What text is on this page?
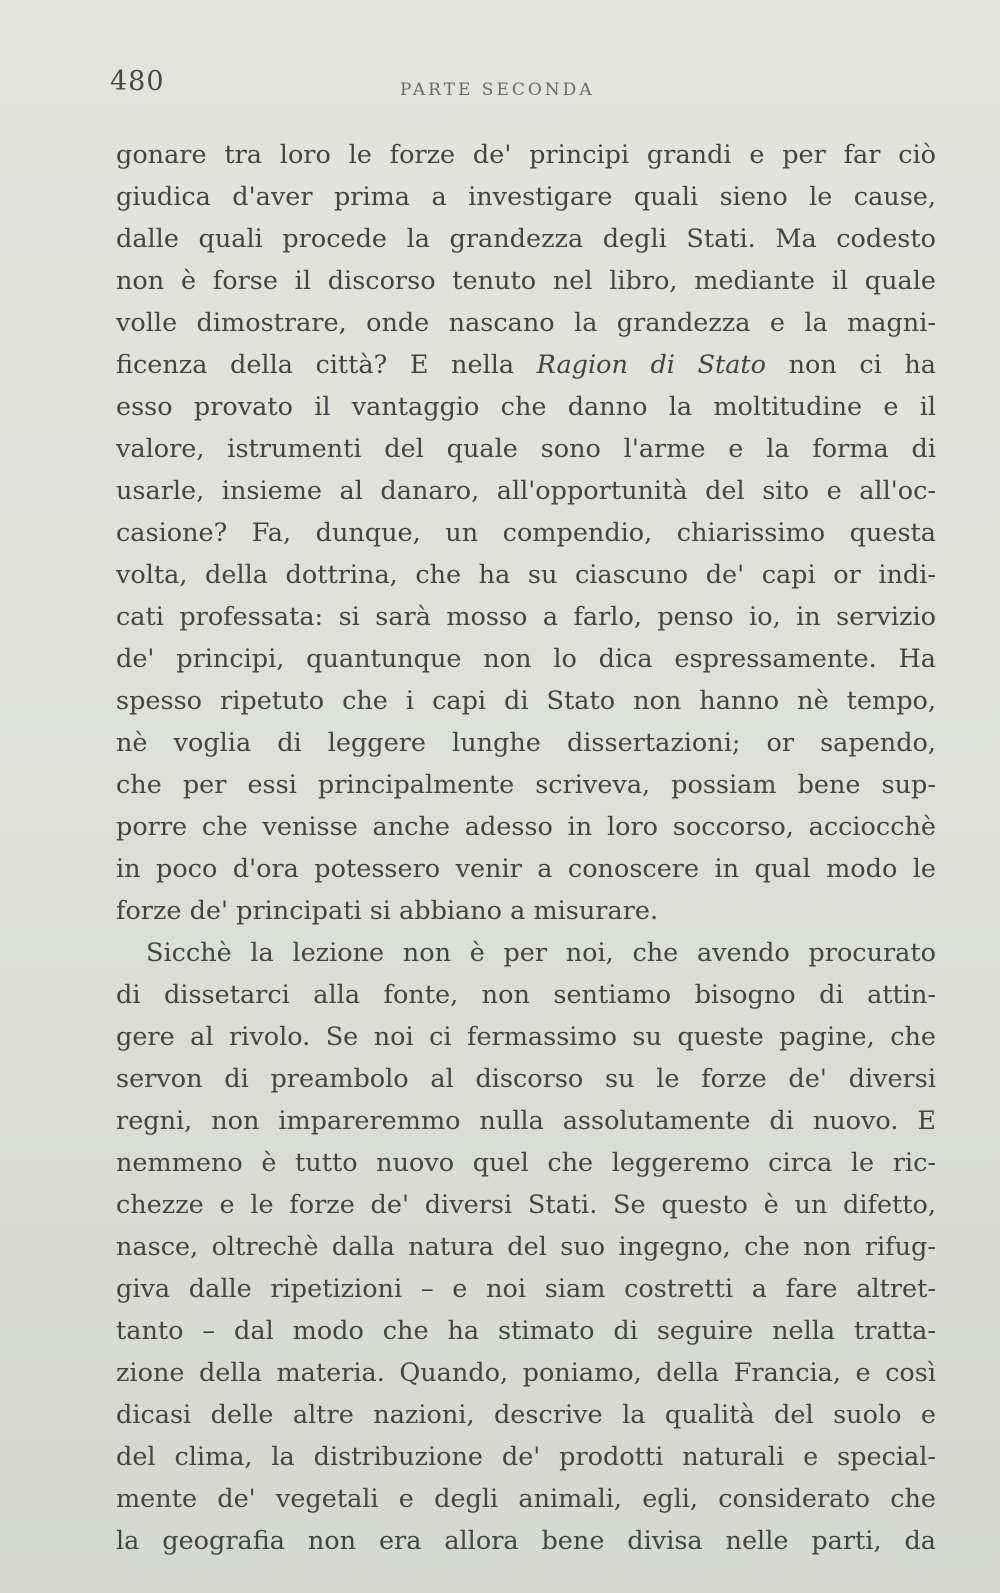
480	PARTE SECONDA
gonare tra loro le forze de' principi grandi e per far ciò
giudica d'aver prima a investigare quali sieno le cause,
dalle quali procede la grandezza degli Stati. Ma codesto
non è forse il discorso tenuto nel libro, mediante il quale
volle dimostrare, onde nascano la grandezza e la magni-
ficenza della città? E nella Ragion di Stato non ci ha
esso provato il vantaggio che danno la moltitudine e il
valore, istrumenti del quale sono l'arme e la forma di
usarle, insieme al danaro, all'opportunità del sito e all'oc-
casione? Fa, dunque, un compendio, chiarissimo questa
volta, della dottrina, che ha su ciascuno de' capi or indi-
cati professata: si sarà mosso a farlo, penso io, in servizio
de' principi, quantunque non lo dica espressamente. Ha
spesso ripetuto che i capi di Stato non hanno nè tempo,
nè voglia di leggere lunghe dissertazioni; or sapendo,
che per essi principalmente scriveva, possiam bene sup-
porre che venisse anche adesso in loro soccorso, acciocchè
in poco d'ora potessero venir a conoscere in qual modo le
forze de' principati si abbiano a misurare.
Sicchè la lezione non è per noi, che avendo procurato
di dissetarci alla fonte, non sentiamo bisogno di attin-
gere al rivolo. Se noi ci fermassimo su queste pagine, che
servon di preambolo al discorso su le forze de' diversi
regni, non impareremmo nulla assolutamente di nuovo. E
nemmeno è tutto nuovo quel che leggeremo circa le ric-
chezze e le forze de' diversi Stati. Se questo è un difetto,
nasce, oltrechè dalla natura del suo ingegno, che non rifug-
giva dalle ripetizioni – e noi siam costretti a fare altret-
tanto – dal modo che ha stimato di seguire nella tratta-
zione della materia. Quando, poniamo, della Francia, e così
dicasi delle altre nazioni, descrive la qualità del suolo e
del clima, la distribuzione de' prodotti naturali e special-
mente de' vegetali e degli animali, egli, considerato che
la geografia non era allora bene divisa nelle parti, da
